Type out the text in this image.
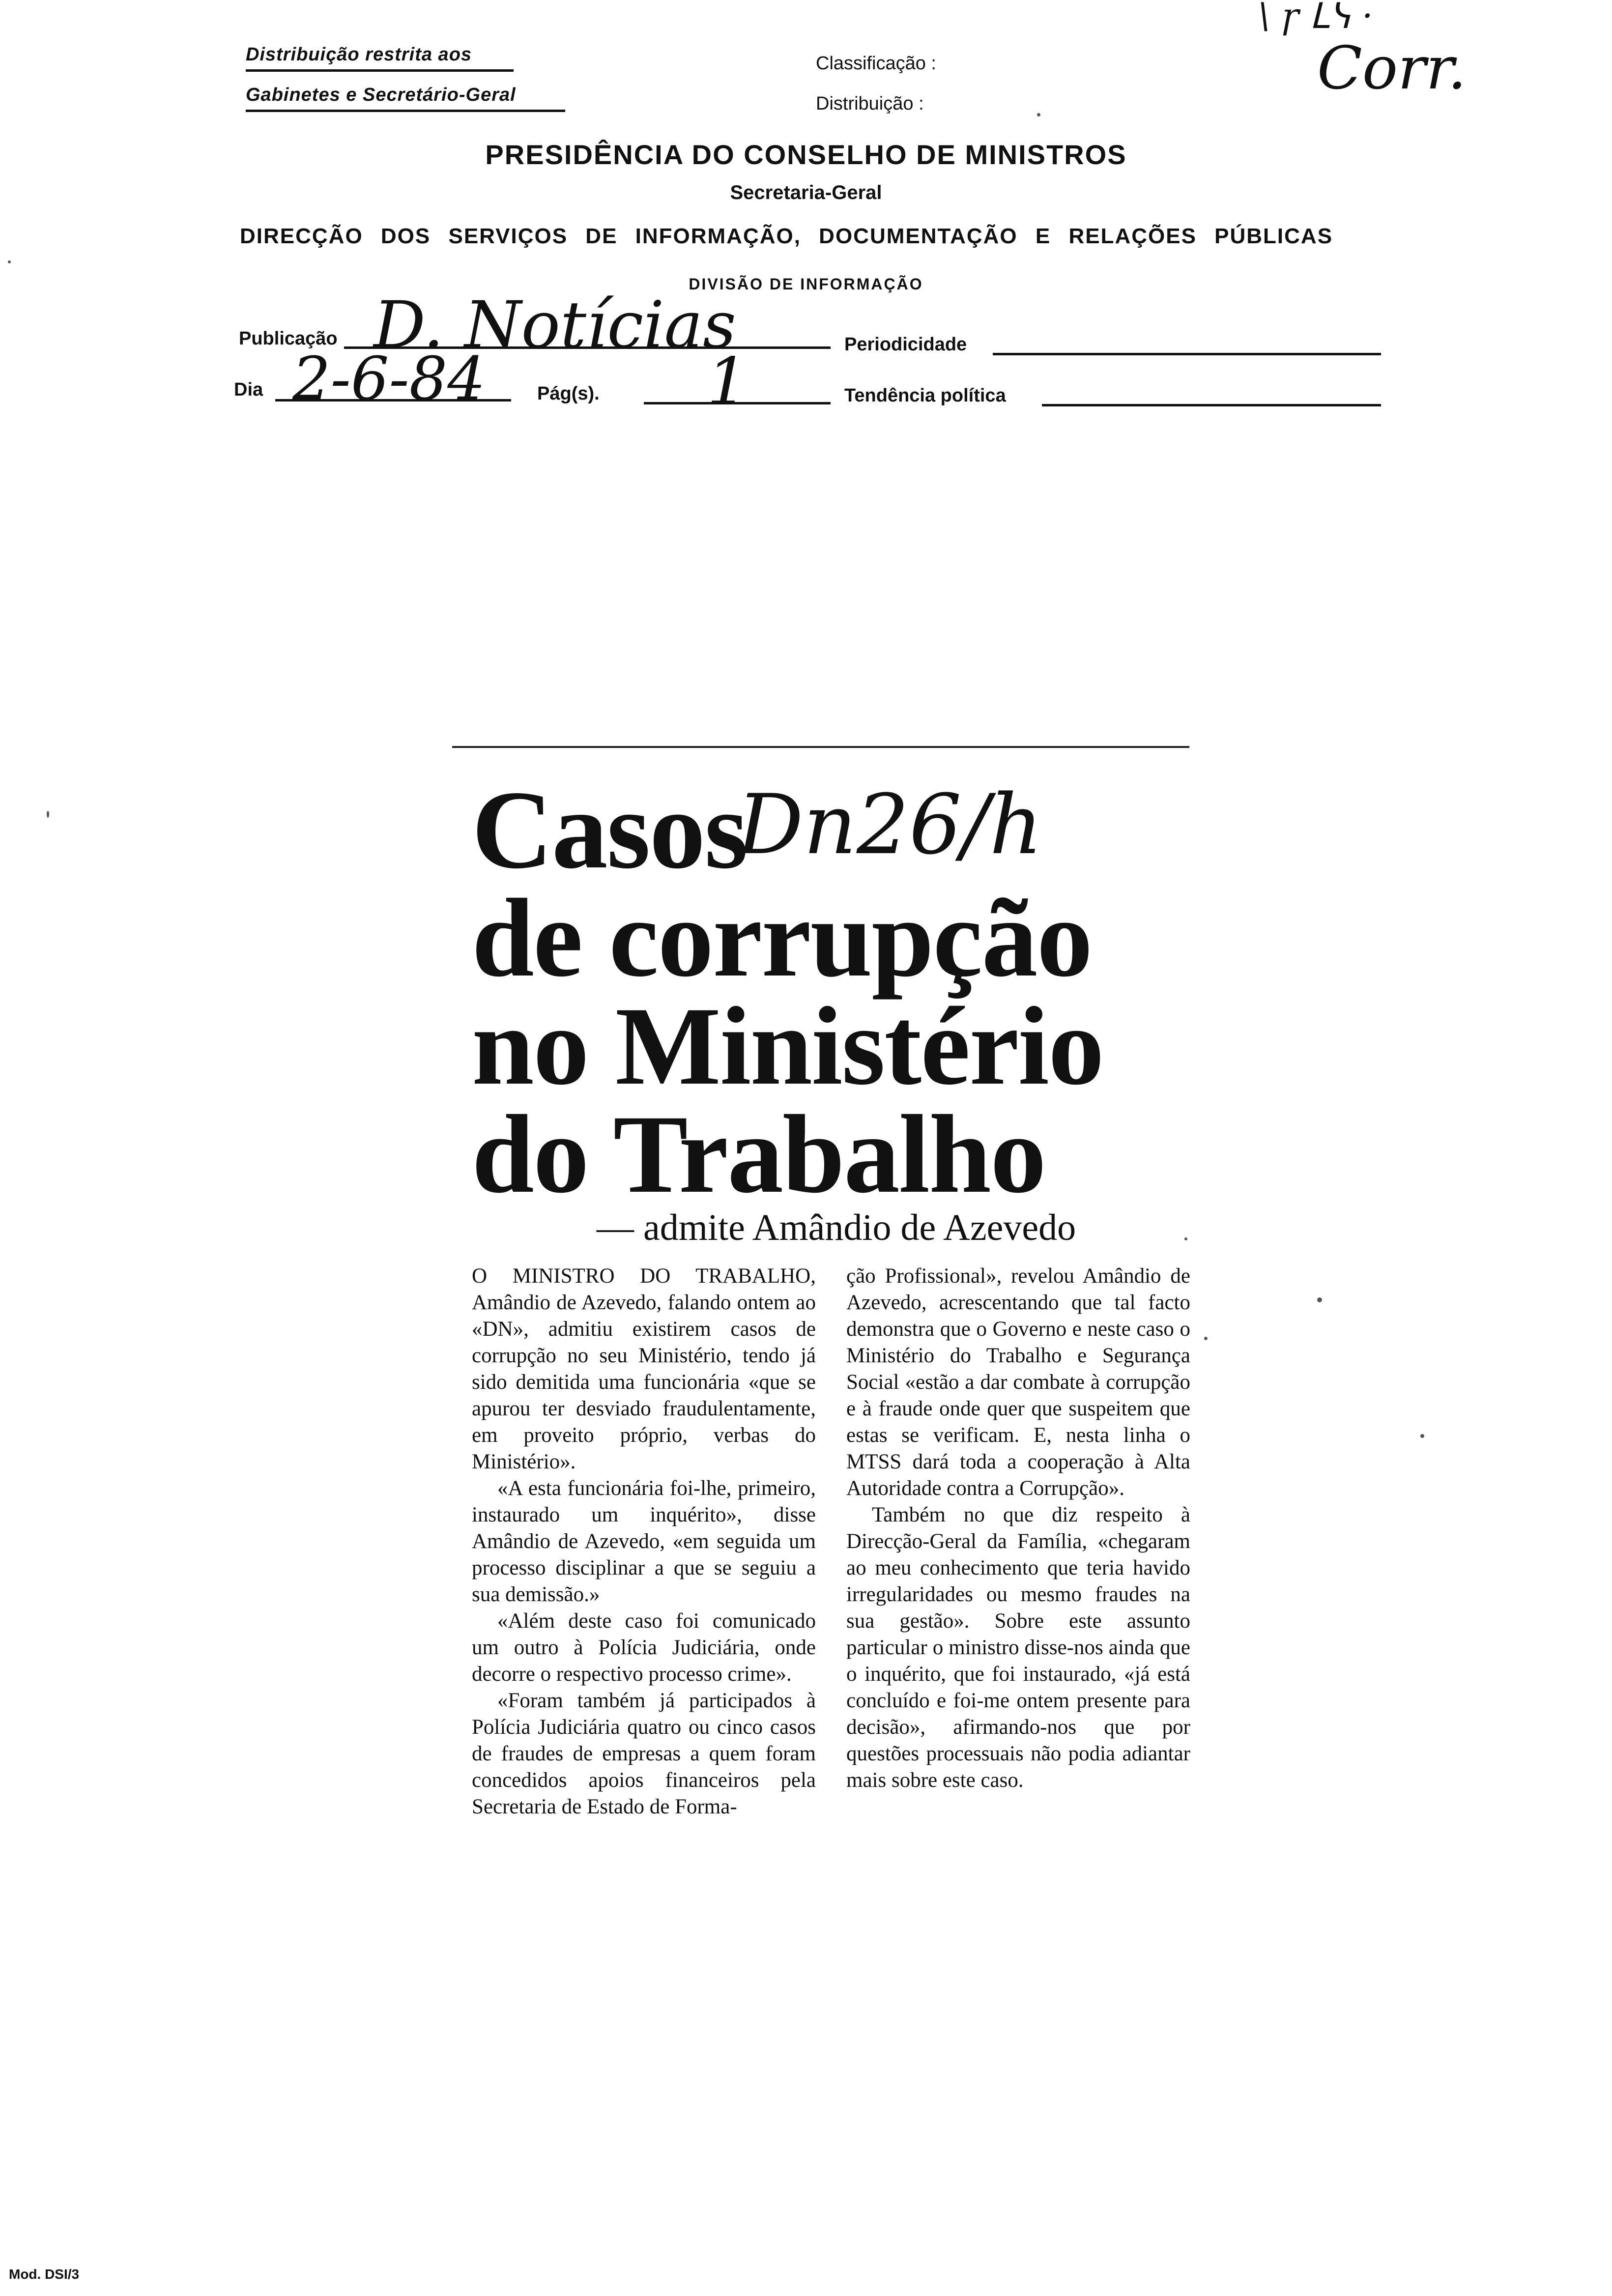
Distribuição restrita aos
Gabinetes e Secretário-Geral
Classificação :
Distribuição :
\ ꞅ ᒪᓭ ·
Corr.
PRESIDÊNCIA DO CONSELHO DE MINISTROS
Secretaria-Geral
DIRECÇÃO DOS SERVIÇOS DE INFORMAÇÃO, DOCUMENTAÇÃO E RELAÇÕES PÚBLICAS
DIVISÃO DE INFORMAÇÃO
Publicação D. Notícias	Periodicidade
Dia 2-6-84	Pág(s). 1	Tendência política
Casos
Dn26/h
de corrupção
no Ministério
do Trabalho
— admite Amândio de Azevedo

O MINISTRO DO TRABALHO, Amândio de Azevedo, falando ontem ao «DN», admitiu existirem casos de corrupção no seu Ministério, tendo já sido demitida uma funcionária «que se apurou ter desviado fraudulentamente, em proveito próprio, verbas do Ministério».

«A esta funcionária foi-lhe, primeiro, instaurado um inquérito», disse Amândio de Azevedo, «em seguida um processo disciplinar a que se seguiu a sua demissão.»

«Além deste caso foi comunicado um outro à Polícia Judiciária, onde decorre o respectivo processo crime».

«Foram também já participados à Polícia Judiciária quatro ou cinco casos de fraudes de empresas a quem foram concedidos apoios financeiros pela Secretaria de Estado de Forma-

ção Profissional», revelou Amândio de Azevedo, acrescentando que tal facto demonstra que o Governo e neste caso o Ministério do Trabalho e Segurança Social «estão a dar combate à corrupção e à fraude onde quer que suspeitem que estas se verificam. E, nesta linha o MTSS dará toda a cooperação à Alta Autoridade contra a Corrupção».

Também no que diz respeito à Direcção-Geral da Família, «chegaram ao meu conhecimento que teria havido irregularidades ou mesmo fraudes na sua gestão». Sobre este assunto particular o ministro disse-nos ainda que o inquérito, que foi instaurado, «já está concluído e foi-me ontem presente para decisão», afirmando-nos que por questões processuais não podia adiantar mais sobre este caso.

Mod. DSI/3
